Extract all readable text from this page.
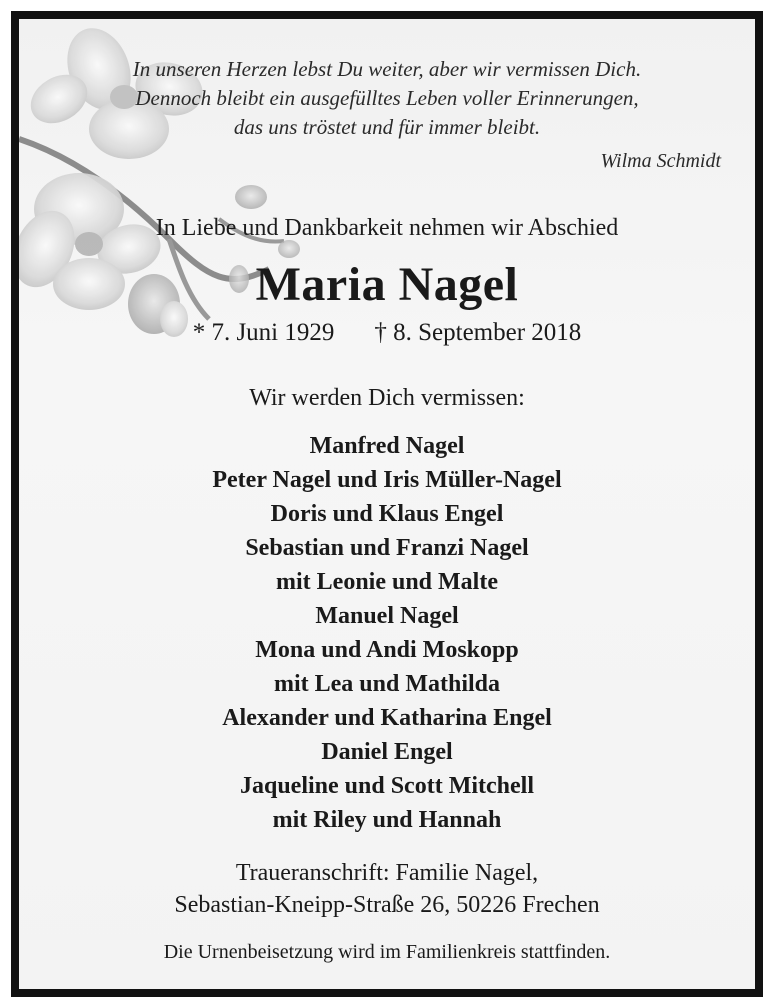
In unseren Herzen lebst Du weiter, aber wir vermissen Dich.
Dennoch bleibt ein ausgefülltes Leben voller Erinnerungen,
das uns tröstet und für immer bleibt.
Wilma Schmidt
In Liebe und Dankbarkeit nehmen wir Abschied
Maria Nagel
* 7. Juni 1929 † 8. September 2018
Wir werden Dich vermissen:
Manfred Nagel
Peter Nagel und Iris Müller-Nagel
Doris und Klaus Engel
Sebastian und Franzi Nagel
mit Leonie und Malte
Manuel Nagel
Mona und Andi Moskopp
mit Lea und Mathilda
Alexander und Katharina Engel
Daniel Engel
Jaqueline und Scott Mitchell
mit Riley und Hannah
Traueranschrift: Familie Nagel,
Sebastian-Kneipp-Straße 26, 50226 Frechen
Die Urnenbeisetzung wird im Familienkreis stattfinden.
